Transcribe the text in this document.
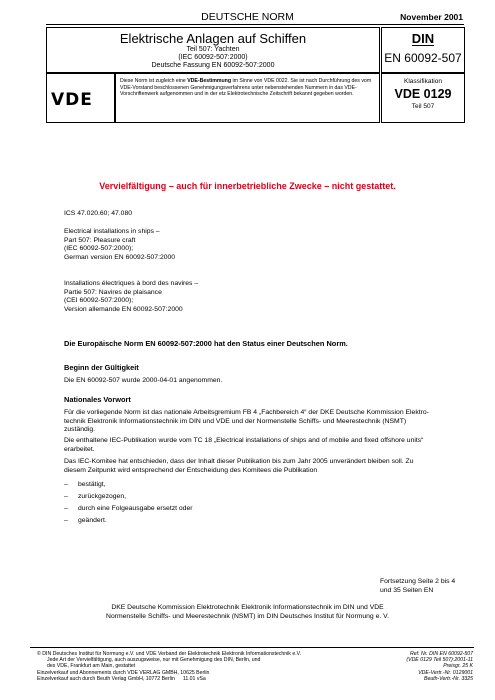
DEUTSCHE NORM	November 2001
Elektrische Anlagen auf Schiffen
Teil 507: Yachten
(IEC 60092-507:2000)
Deutsche Fassung EN 60092-507:2000
DIN
EN 60092-507
VDE
Diese Norm ist zugleich eine VDE-Bestimmung im Sinne von VDE 0022. Sie ist nach Durchführung des vom VDE-Vorstand beschlossenen Genehmigungsverfahrens unter nebenstehenden Nummern in das VDE-Vorschriftenwerk aufgenommen und in der etz Elektrotechnische Zeitschrift bekannt gegeben worden.
Klassifikation
VDE 0129
Teil 507
Vervielfältigung – auch für innerbetriebliche Zwecke – nicht gestattet.
ICS 47.020.60; 47.080
Electrical installations in ships –
Part 507: Pleasure craft
(IEC 60092-507:2000);
German version EN 60092-507:2000
Installations électriques à bord des navires –
Partie 507: Navires de plaisance
(CEI 60092-507:2000);
Version allemande EN 60092-507:2000
Die Europäische Norm EN 60092-507:2000 hat den Status einer Deutschen Norm.
Beginn der Gültigkeit
Die EN 60092-507 wurde 2000-04-01 angenommen.
Nationales Vorwort
Für die vorliegende Norm ist das nationale Arbeitsgremium FB 4 „Fachbereich 4“ der DKE Deutsche Kommission Elektro-
technik Elektronik Informationstechnik im DIN und VDE und der Normenstelle Schiffs- und Meerestechnik (NSMT)
zuständig.
Die enthaltene IEC-Publikation wurde vom TC 18 „Electrical installations of ships and of mobile and fixed offshore units“
erarbeitet.
Das IEC-Komitee hat entschieden, dass der Inhalt dieser Publikation bis zum Jahr 2005 unverändert bleiben soll. Zu
diesem Zeitpunkt wird entsprechend der Entscheidung des Komitees die Publikation
– bestätigt,
– zurückgezogen,
– durch eine Folgeausgabe ersetzt oder
– geändert.
Fortsetzung Seite 2 bis 4
und 35 Seiten EN
DKE Deutsche Kommission Elektrotechnik Elektronik Informationstechnik im DIN und VDE
Normenstelle Schiffs- und Meerestechnik (NSMT) im DIN Deutsches Institut für Normung e. V.
© DIN Deutsches Institut für Normung e.V. und VDE Verband der Elektrotechnik Elektronik Informationstechnik e.V.
Jede Art der Vervielfältigung, auch auszugsweise, nur mit Genehmigung des DIN, Berlin, und
des VDE, Frankfurt am Main, gestattet
Einzelverkauf und Abonnements durch VDE VERLAG GMBH, 10625 Berlin
Einzelverkauf auch durch Beuth Verlag GmbH, 10772 Berlin 11.01 vSa
Ref. Nr. DIN EN 60092-507
(VDE 0129 Teil 507):2001-11
Preisgr. 25 K
VDE-Vertr.-Nr. 0129001
Beuth-Vertr.-Nr. 3325
